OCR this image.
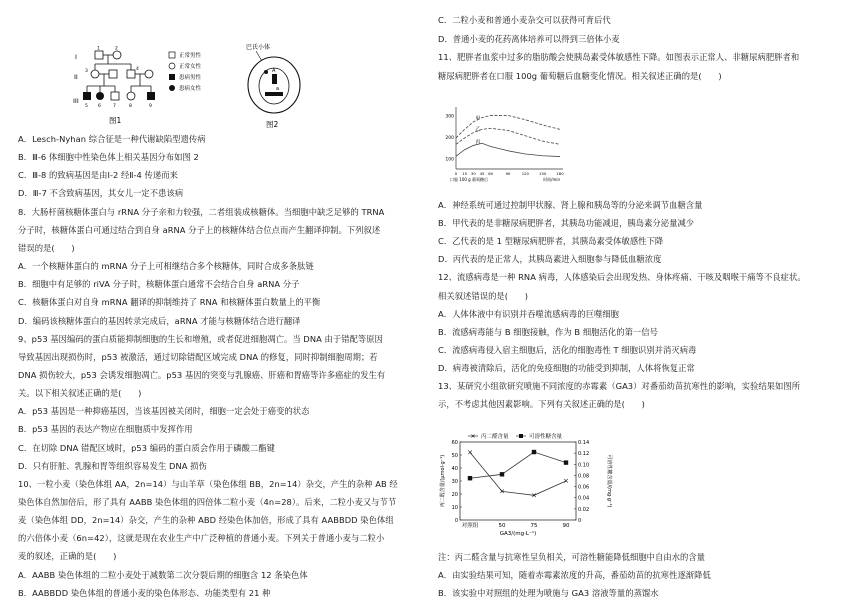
I
II
III
1	2
3	4
5 6	7	8	9
正常男性
正常女性
患病男性
患病女性
图1
巴氏小体
A
a
图2
A．Lesch-Nyhan 综合征是一种代谢缺陷型遗传病
B．Ⅲ-6 体细胞中性染色体上相关基因分布如图 2
C．Ⅲ-8 的致病基因是由Ⅰ-2 经Ⅱ-4 传递而来
D．Ⅲ-7 不含致病基因，其女儿一定不患该病
8．大肠杆菌核糖体蛋白与 rRNA 分子亲和力较强，二者组装成核糖体。当细胞中缺乏足够的 TRNA
分子时，核糖体蛋白可通过结合到自身 aRNA 分子上的核糖体结合位点而产生翻译抑制。下列叙述
错误的是(　　)
A．一个核糖体蛋白的 mRNA 分子上可相继结合多个核糖体，同时合成多条肽链
B．细胞中有足够的 riVA 分子时，核糖体蛋白通常不会结合自身 aRNA 分子
C．核糖体蛋白对自身 mRNA 翻译的抑制维持了 RNA 和核糖体蛋白数量上的平衡
D．编码该核糖体蛋白的基因转录完成后，aRNA 才能与核糖体结合进行翻译
9、p53 基因编码的蛋白质能抑制细胞的生长和增殖，或者促进细胞凋亡。当 DNA 由于错配等原因
导致基因出现损伤时，p53 被激活，通过切除错配区域完成 DNA 的修复，同时抑制细胞周期；若
DNA 损伤较大，p53 会诱发细胞凋亡。p53 基因的突变与乳腺癌、肝癌和胃癌等许多癌症的发生有
关。以下相关叙述正确的是(　　)
A．p53 基因是一种抑癌基因，当该基因被关闭时，细胞一定会处于癌变的状态
B．p53 基因的表达产物应在细胞质中发挥作用
C．在切除 DNA 错配区域时，p53 编码的蛋白质会作用于磷酸二酯键
D．只有肝脏、乳腺和胃等组织容易发生 DNA 损伤
10、一粒小麦（染色体组 AA，2n=14）与山羊草（染色体组 BB，2n=14）杂交，产生的杂种 AB 经
染色体自然加倍后，形了具有 AABB 染色体组的四倍体二粒小麦（4n=28）。后来，二粒小麦又与节节
麦（染色体组 DD，2n=14）杂交，产生的杂种 ABD 经染色体加倍，形成了具有 AABBDD 染色体组
的六倍体小麦（6n=42），这就是现在农业生产中广泛种植的普通小麦。下列关于普通小麦与二粒小
麦的叙述，正确的是(　　)
A．AABB 染色体组的二粒小麦处于减数第二次分裂后期的细胞含 12 条染色体
B．AABBDD 染色体组的普通小麦的染色体形态、功能类型有 21 种
C．二粒小麦和普通小麦杂交可以获得可育后代
D．普通小麦的花药离体培养可以得到三倍体小麦
11、肥胖者血浆中过多的脂肪酸会使胰岛素受体敏感性下降。如图表示正常人、非糖尿病肥胖者和
糖尿病肥胖者在口服 100g 葡萄糖后血糖变化情况。相关叙述正确的是(　　)
100
200
300
0 15 30 45 60	90	120	150	180
时间/min
口服 100 g 葡萄糖后
甲
乙
丙
A．神经系统可通过控制甲状腺、肾上腺和胰岛等的分泌来调节血糖含量
B．甲代表的是非糖尿病肥胖者，其胰岛功能减退，胰岛素分泌量减少
C．乙代表的是 1 型糖尿病肥胖者，其胰岛素受体敏感性下降
D．丙代表的是正常人，其胰岛素进入细胞参与降低血糖浓度
12、流感病毒是一种 RNA 病毒，人体感染后会出现发热、身体疼痛、干咳及咽喉干痛等不良症状。
相关叙述错误的是(　　)
A．人体体液中有识别并吞噬流感病毒的巨噬细胞
B．流感病毒能与 B 细胞接触，作为 B 细胞活化的第一信号
C．流感病毒侵入宿主细胞后，活化的细胞毒性 T 细胞识别并消灭病毒
D．病毒被清除后，活化的免疫细胞的功能受到抑制，人体将恢复正常
13、某研究小组欲研究喷施不同浓度的赤霉素（GA3）对番茄幼苗抗寒性的影响，实验结果如图所
示，不考虑其他因素影响。下列有关叙述正确的是(　　)
×
×	×
×
0
10
20
30
40
50
60
0
0.02
0.04
0.06
0.08
0.10
0.12
0.14
对照组	50	75	90
GA3/(mg·L⁻¹)
丙二醛含量/(μmol·g⁻¹)	可溶性糖含量/(mg·g⁻¹)
× 丙二醛含量	可溶性糖含量
注：丙二醛含量与抗寒性呈负相关，可溶性糖能降低细胞中自由水的含量
A．由实验结果可知，随着赤霉素浓度的升高，番茄幼苗的抗寒性逐渐降低
B．该实验中对照组的处理为喷施与 GA3 溶液等量的蒸馏水
